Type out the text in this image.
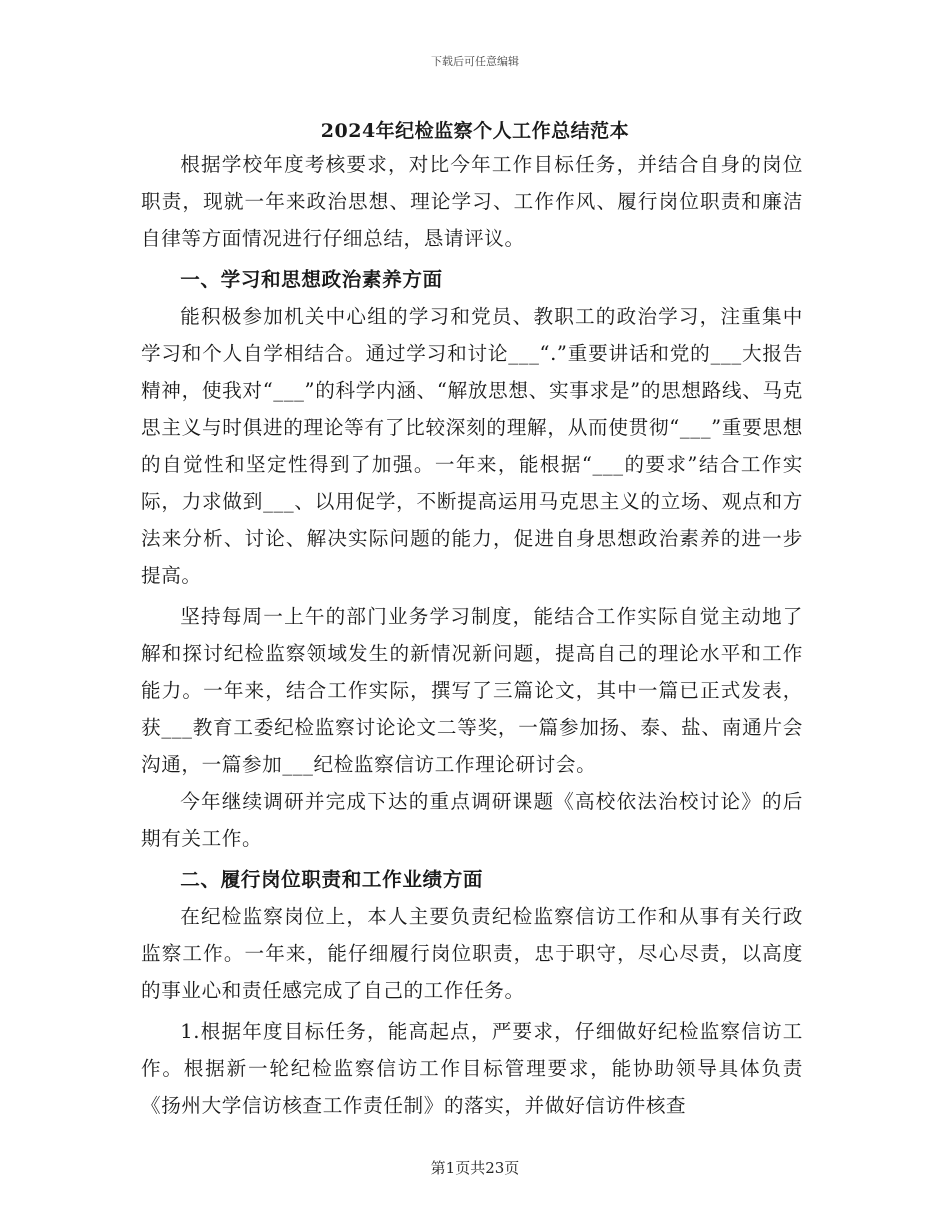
下载后可任意编辑
2024年纪检监察个人工作总结范本

根据学校年度考核要求，对比今年工作目标任务，并结合自身的岗位职责，现就一年来政治思想、理论学习、工作作风、履行岗位职责和廉洁自律等方面情况进行仔细总结，恳请评议。

一、学习和思想政治素养方面

能积极参加机关中心组的学习和党员、教职工的政治学习，注重集中学习和个人自学相结合。通过学习和讨论___“.”重要讲话和党的___大报告精神，使我对“___”的科学内涵、“解放思想、实事求是”的思想路线、马克思主义与时俱进的理论等有了比较深刻的理解，从而使贯彻“___”重要思想的自觉性和坚定性得到了加强。一年来，能根据“___的要求”结合工作实际，力求做到___、以用促学，不断提高运用马克思主义的立场、观点和方法来分析、讨论、解决实际问题的能力，促进自身思想政治素养的进一步提高。

坚持每周一上午的部门业务学习制度，能结合工作实际自觉主动地了解和探讨纪检监察领域发生的新情况新问题，提高自己的理论水平和工作能力。一年来，结合工作实际，撰写了三篇论文，其中一篇已正式发表，获___教育工委纪检监察讨论论文二等奖，一篇参加扬、泰、盐、南通片会沟通，一篇参加___纪检监察信访工作理论研讨会。

今年继续调研并完成下达的重点调研课题《高校依法治校讨论》的后期有关工作。

二、履行岗位职责和工作业绩方面

在纪检监察岗位上，本人主要负责纪检监察信访工作和从事有关行政监察工作。一年来，能仔细履行岗位职责，忠于职守，尽心尽责，以高度的事业心和责任感完成了自己的工作任务。

1.根据年度目标任务，能高起点，严要求，仔细做好纪检监察信访工作。根据新一轮纪检监察信访工作目标管理要求，能协助领导具体负责《扬州大学信访核查工作责任制》的落实，并做好信访件核查

第1页共23页
